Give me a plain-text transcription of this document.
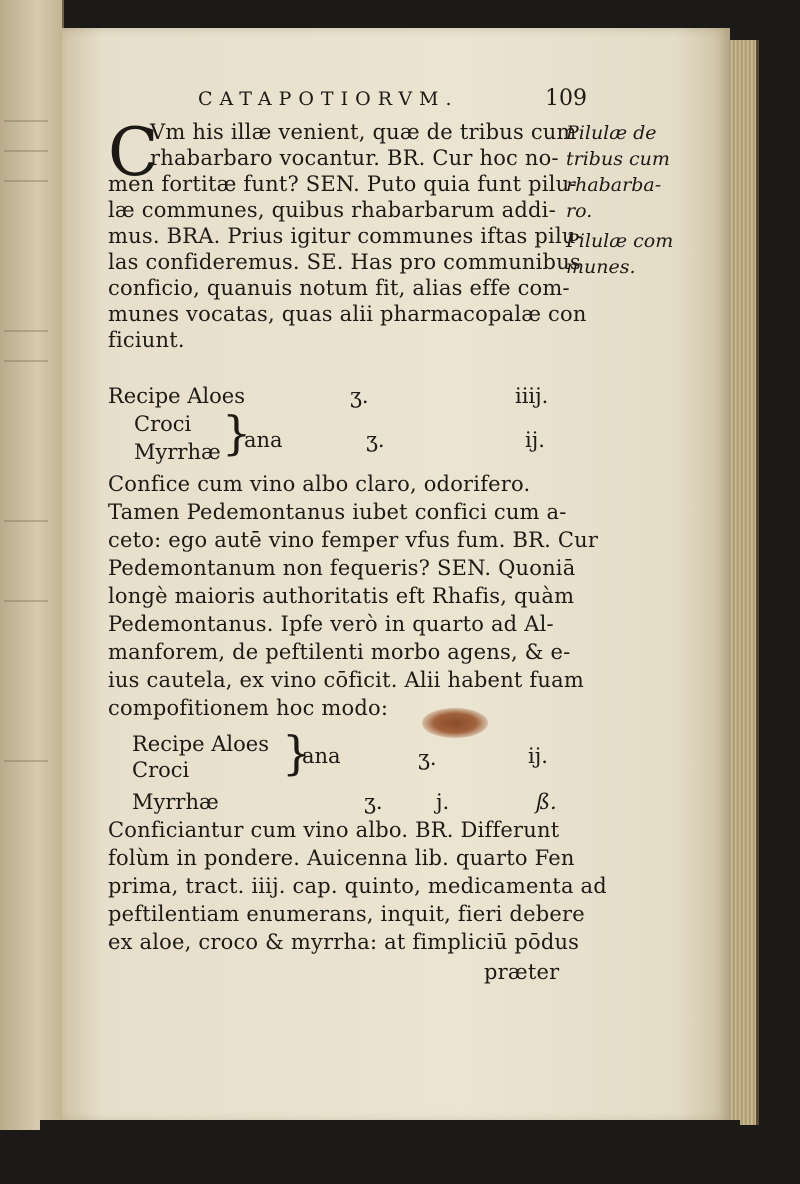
CATAPOTIORVM.	109
C
Vm his illæ venient, quæ de tribus cum
rhabarbaro vocantur. BR. Cur hoc no-
men fortitæ funt? SEN. Puto quia funt pilu-
læ communes, quibus rhabarbarum addi-
mus. BRA. Prius igitur communes iftas pilu-
las confideremus. SE. Has pro communibus
conficio, quanuis notum fit, alias effe com-
munes vocatas, quas alii pharmacopalæ con
ficiunt.
Pilulæ de
tribus cum
rhabarba-
ro.
Pilulæ com
munes.
Recipe Aloes	ʒ.	iiij.
Croci
Myrrhæ }
ana	ʒ.	ij.
Confice cum vino albo claro, odorifero.
Tamen Pedemontanus iubet confici cum a-
ceto: ego autē vino femper vfus fum. BR. Cur
Pedemontanum non fequeris? SEN. Quoniā
longè maioris authoritatis eft Rhafis, quàm
Pedemontanus. Ipfe verò in quarto ad Al-
manforem, de peftilenti morbo agens, & e-
ius cautela, ex vino cōficit. Alii habent fuam
compofitionem hoc modo:
Recipe Aloes
Croci }
ana	ʒ.	ij.
Myrrhæ	ʒ.	j.	ß.
Conficiantur cum vino albo. BR. Differunt
folùm in pondere. Auicenna lib. quarto Fen
prima, tract. iiij. cap. quinto, medicamenta ad
peftilentiam enumerans, inquit, fieri debere
ex aloe, croco & myrrha: at fimpliciū pōdus
præter
